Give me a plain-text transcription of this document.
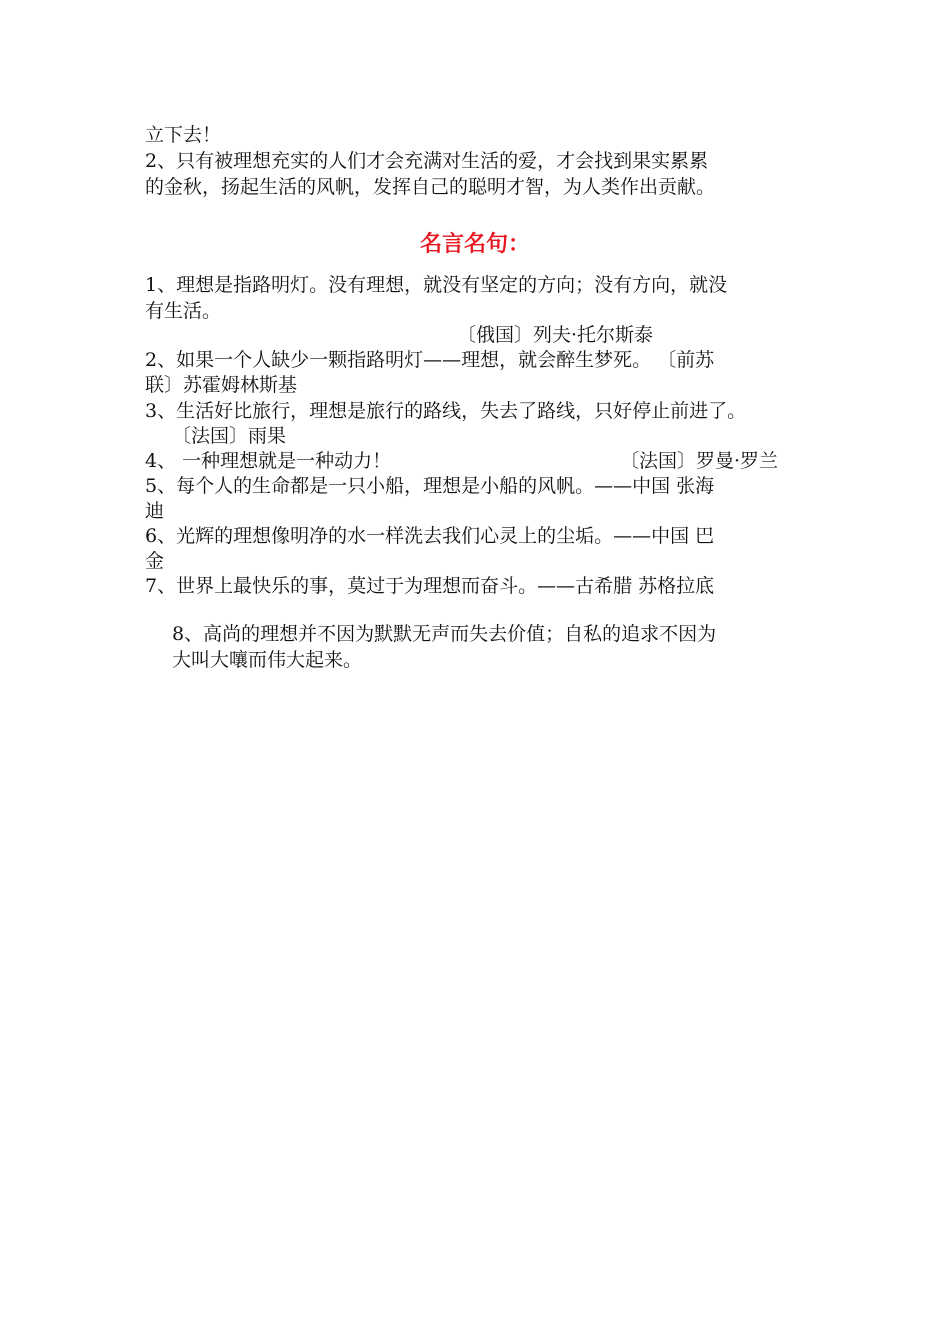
立下去！
2、只有被理想充实的人们才会充满对生活的爱，才会找到果实累累
的金秋，扬起生活的风帆，发挥自己的聪明才智，为人类作出贡献。
名言名句：
1、理想是指路明灯。没有理想，就没有坚定的方向；没有方向，就没
有生活。
〔俄国〕列夫·托尔斯泰
2、如果一个人缺少一颗指路明灯——理想，就会醉生梦死。 〔前苏
联〕苏霍姆林斯基
3、生活好比旅行，理想是旅行的路线，失去了路线，只好停止前进了。
〔法国〕雨果
4、 一种理想就是一种动力！	〔法国〕罗曼·罗兰
5、每个人的生命都是一只小船，理想是小船的风帆。——中国 张海
迪
6、光辉的理想像明净的水一样洗去我们心灵上的尘垢。——中国 巴
金
7、世界上最快乐的事，莫过于为理想而奋斗。——古希腊 苏格拉底
8、高尚的理想并不因为默默无声而失去价值；自私的追求不因为
大叫大嚷而伟大起来。
